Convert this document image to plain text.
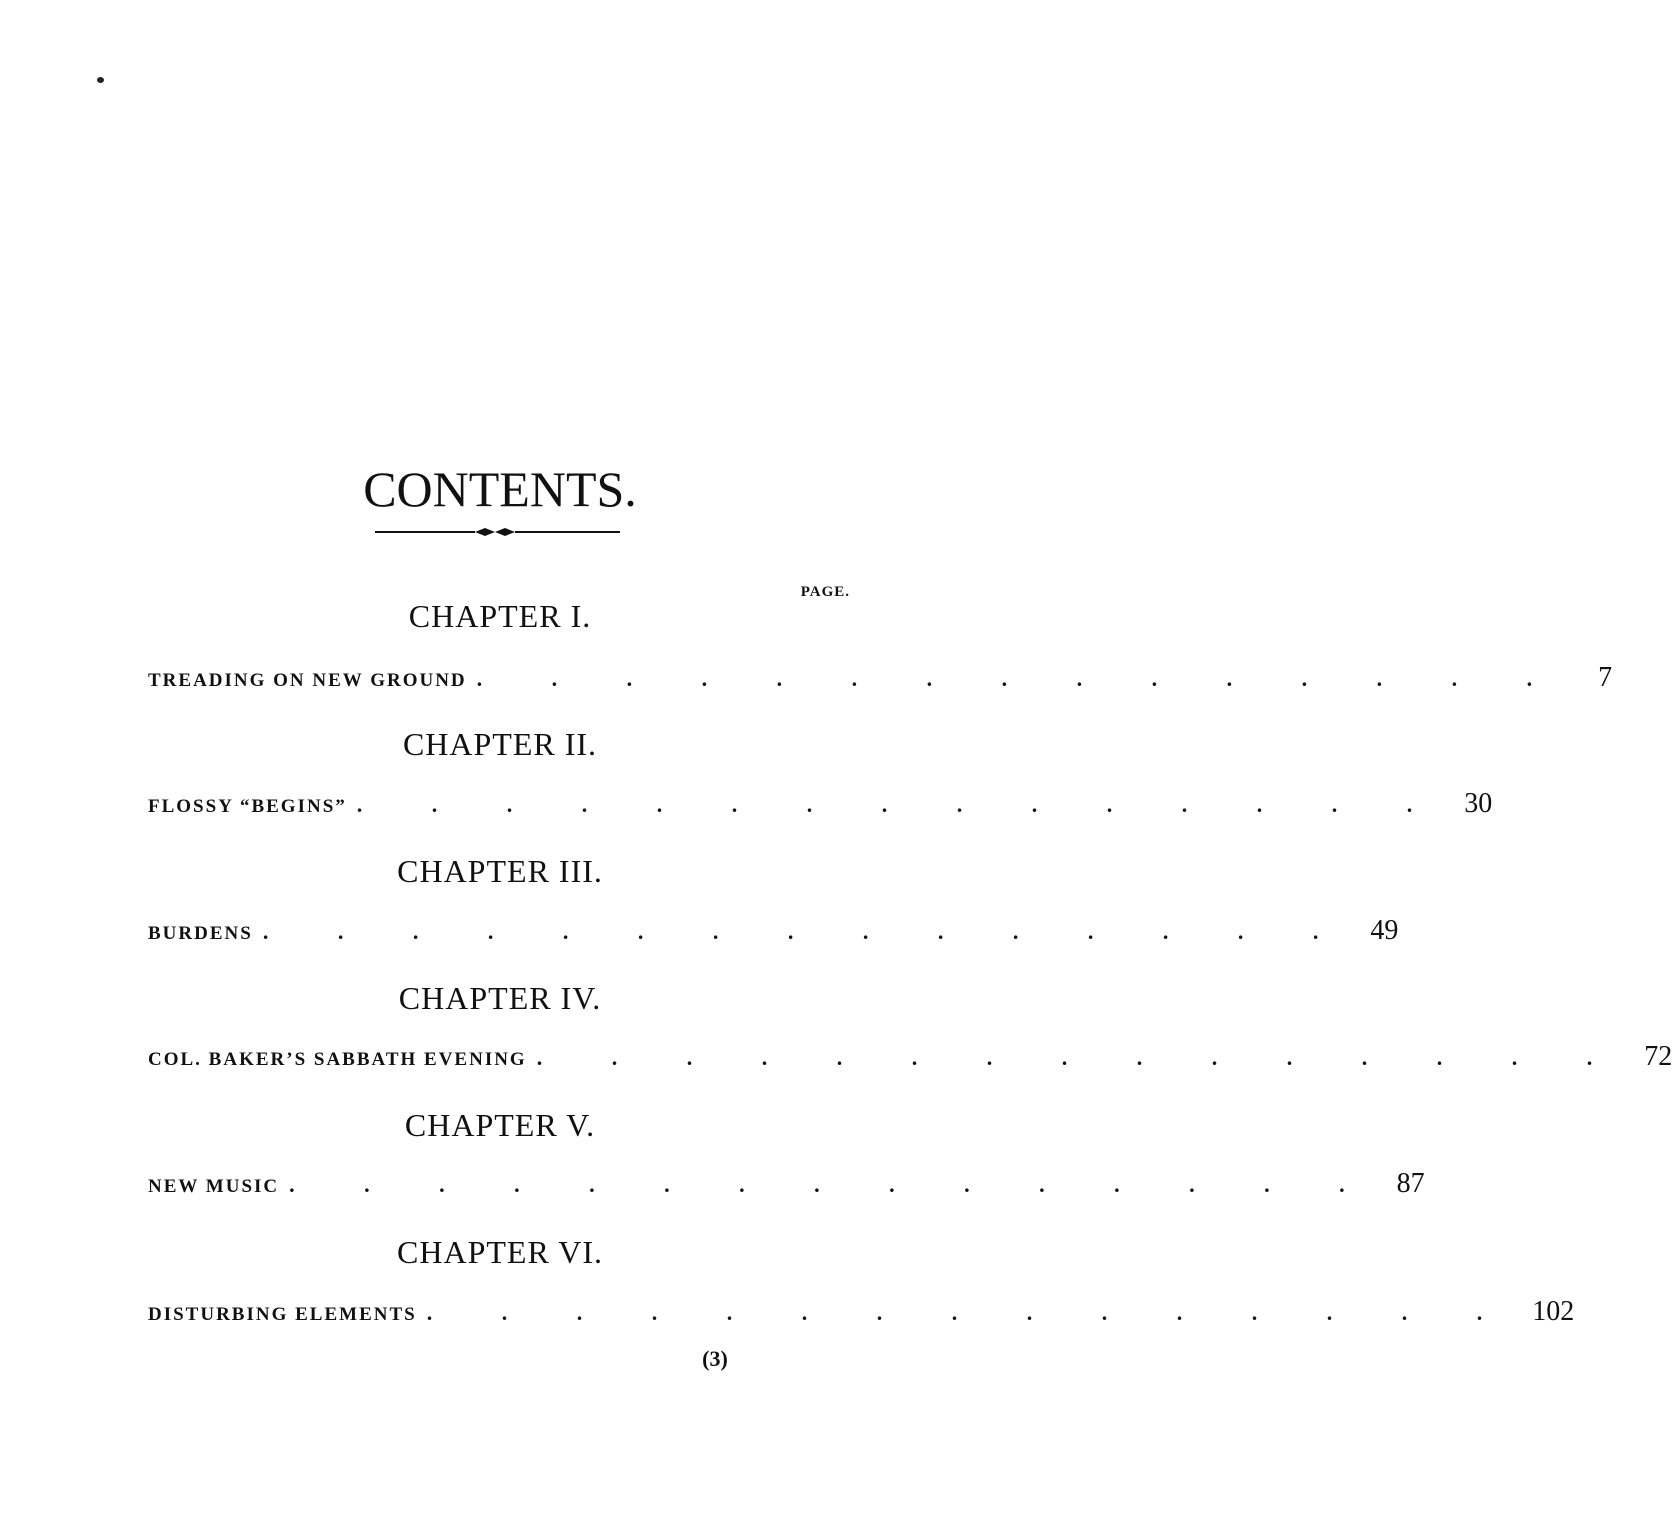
CONTENTS.
PAGE.
CHAPTER I.
TREADING ON NEW GROUND . . . . . . . . . . . . . . .	7
CHAPTER II.
FLOSSY “BEGINS” . . . . . . . . . . . . . . . 30
CHAPTER III.
BURDENS . . . . . . . . . . . . . . . 49
CHAPTER IV.
COL. BAKER’S SABBATH EVENING . . . . . . . . . . . . . . . 72
CHAPTER V.
NEW MUSIC . . . . . . . . . . . . . . . 87
CHAPTER VI.
DISTURBING ELEMENTS . . . . . . . . . . . . . . . 102
(3)
